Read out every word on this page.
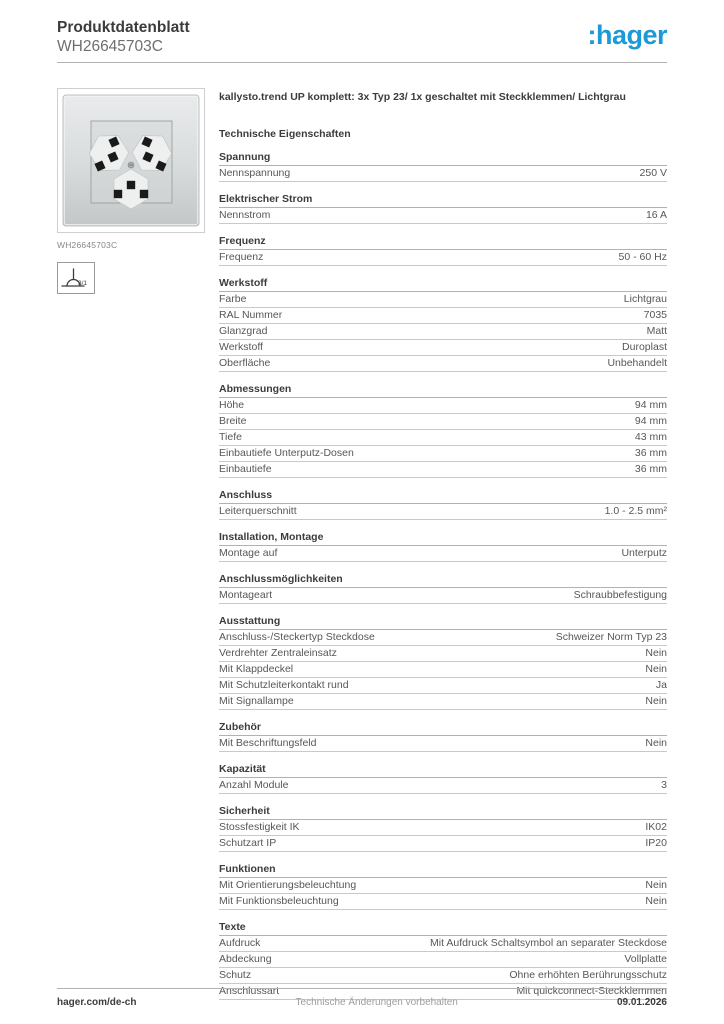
Produktdatenblatt
WH26645703C	:hager
WH26645703C
3/1
kallysto.trend UP komplett: 3x Typ 23/ 1x geschaltet mit Steckklemmen/ Lichtgrau
Technische Eigenschaften
Spannung
Nennspannung	250 V
Elektrischer Strom
Nennstrom	16 A
Frequenz
Frequenz	50 - 60 Hz
Werkstoff
Farbe	Lichtgrau
RAL Nummer	7035
Glanzgrad	Matt
Werkstoff	Duroplast
Oberfläche	Unbehandelt
Abmessungen
Höhe	94 mm
Breite	94 mm
Tiefe	43 mm
Einbautiefe Unterputz-Dosen	36 mm
Einbautiefe	36 mm
Anschluss
Leiterquerschnitt	1.0 - 2.5 mm²
Installation, Montage
Montage auf	Unterputz
Anschlussmöglichkeiten
Montageart	Schraubbefestigung
Ausstattung
Anschluss-/Steckertyp Steckdose	Schweizer Norm Typ 23
Verdrehter Zentraleinsatz	Nein
Mit Klappdeckel	Nein
Mit Schutzleiterkontakt rund	Ja
Mit Signallampe	Nein
Zubehör
Mit Beschriftungsfeld	Nein
Kapazität
Anzahl Module	3
Sicherheit
Stossfestigkeit IK	IK02
Schutzart IP	IP20
Funktionen
Mit Orientierungsbeleuchtung	Nein
Mit Funktionsbeleuchtung	Nein
Texte
Aufdruck	Mit Aufdruck Schaltsymbol an separater Steckdose
Abdeckung	Vollplatte
Schutz	Ohne erhöhten Berührungsschutz
Anschlussart	Mit quickconnect-Steckklemmen
hager.com/de-ch	Technische Änderungen vorbehalten	09.01.2026
